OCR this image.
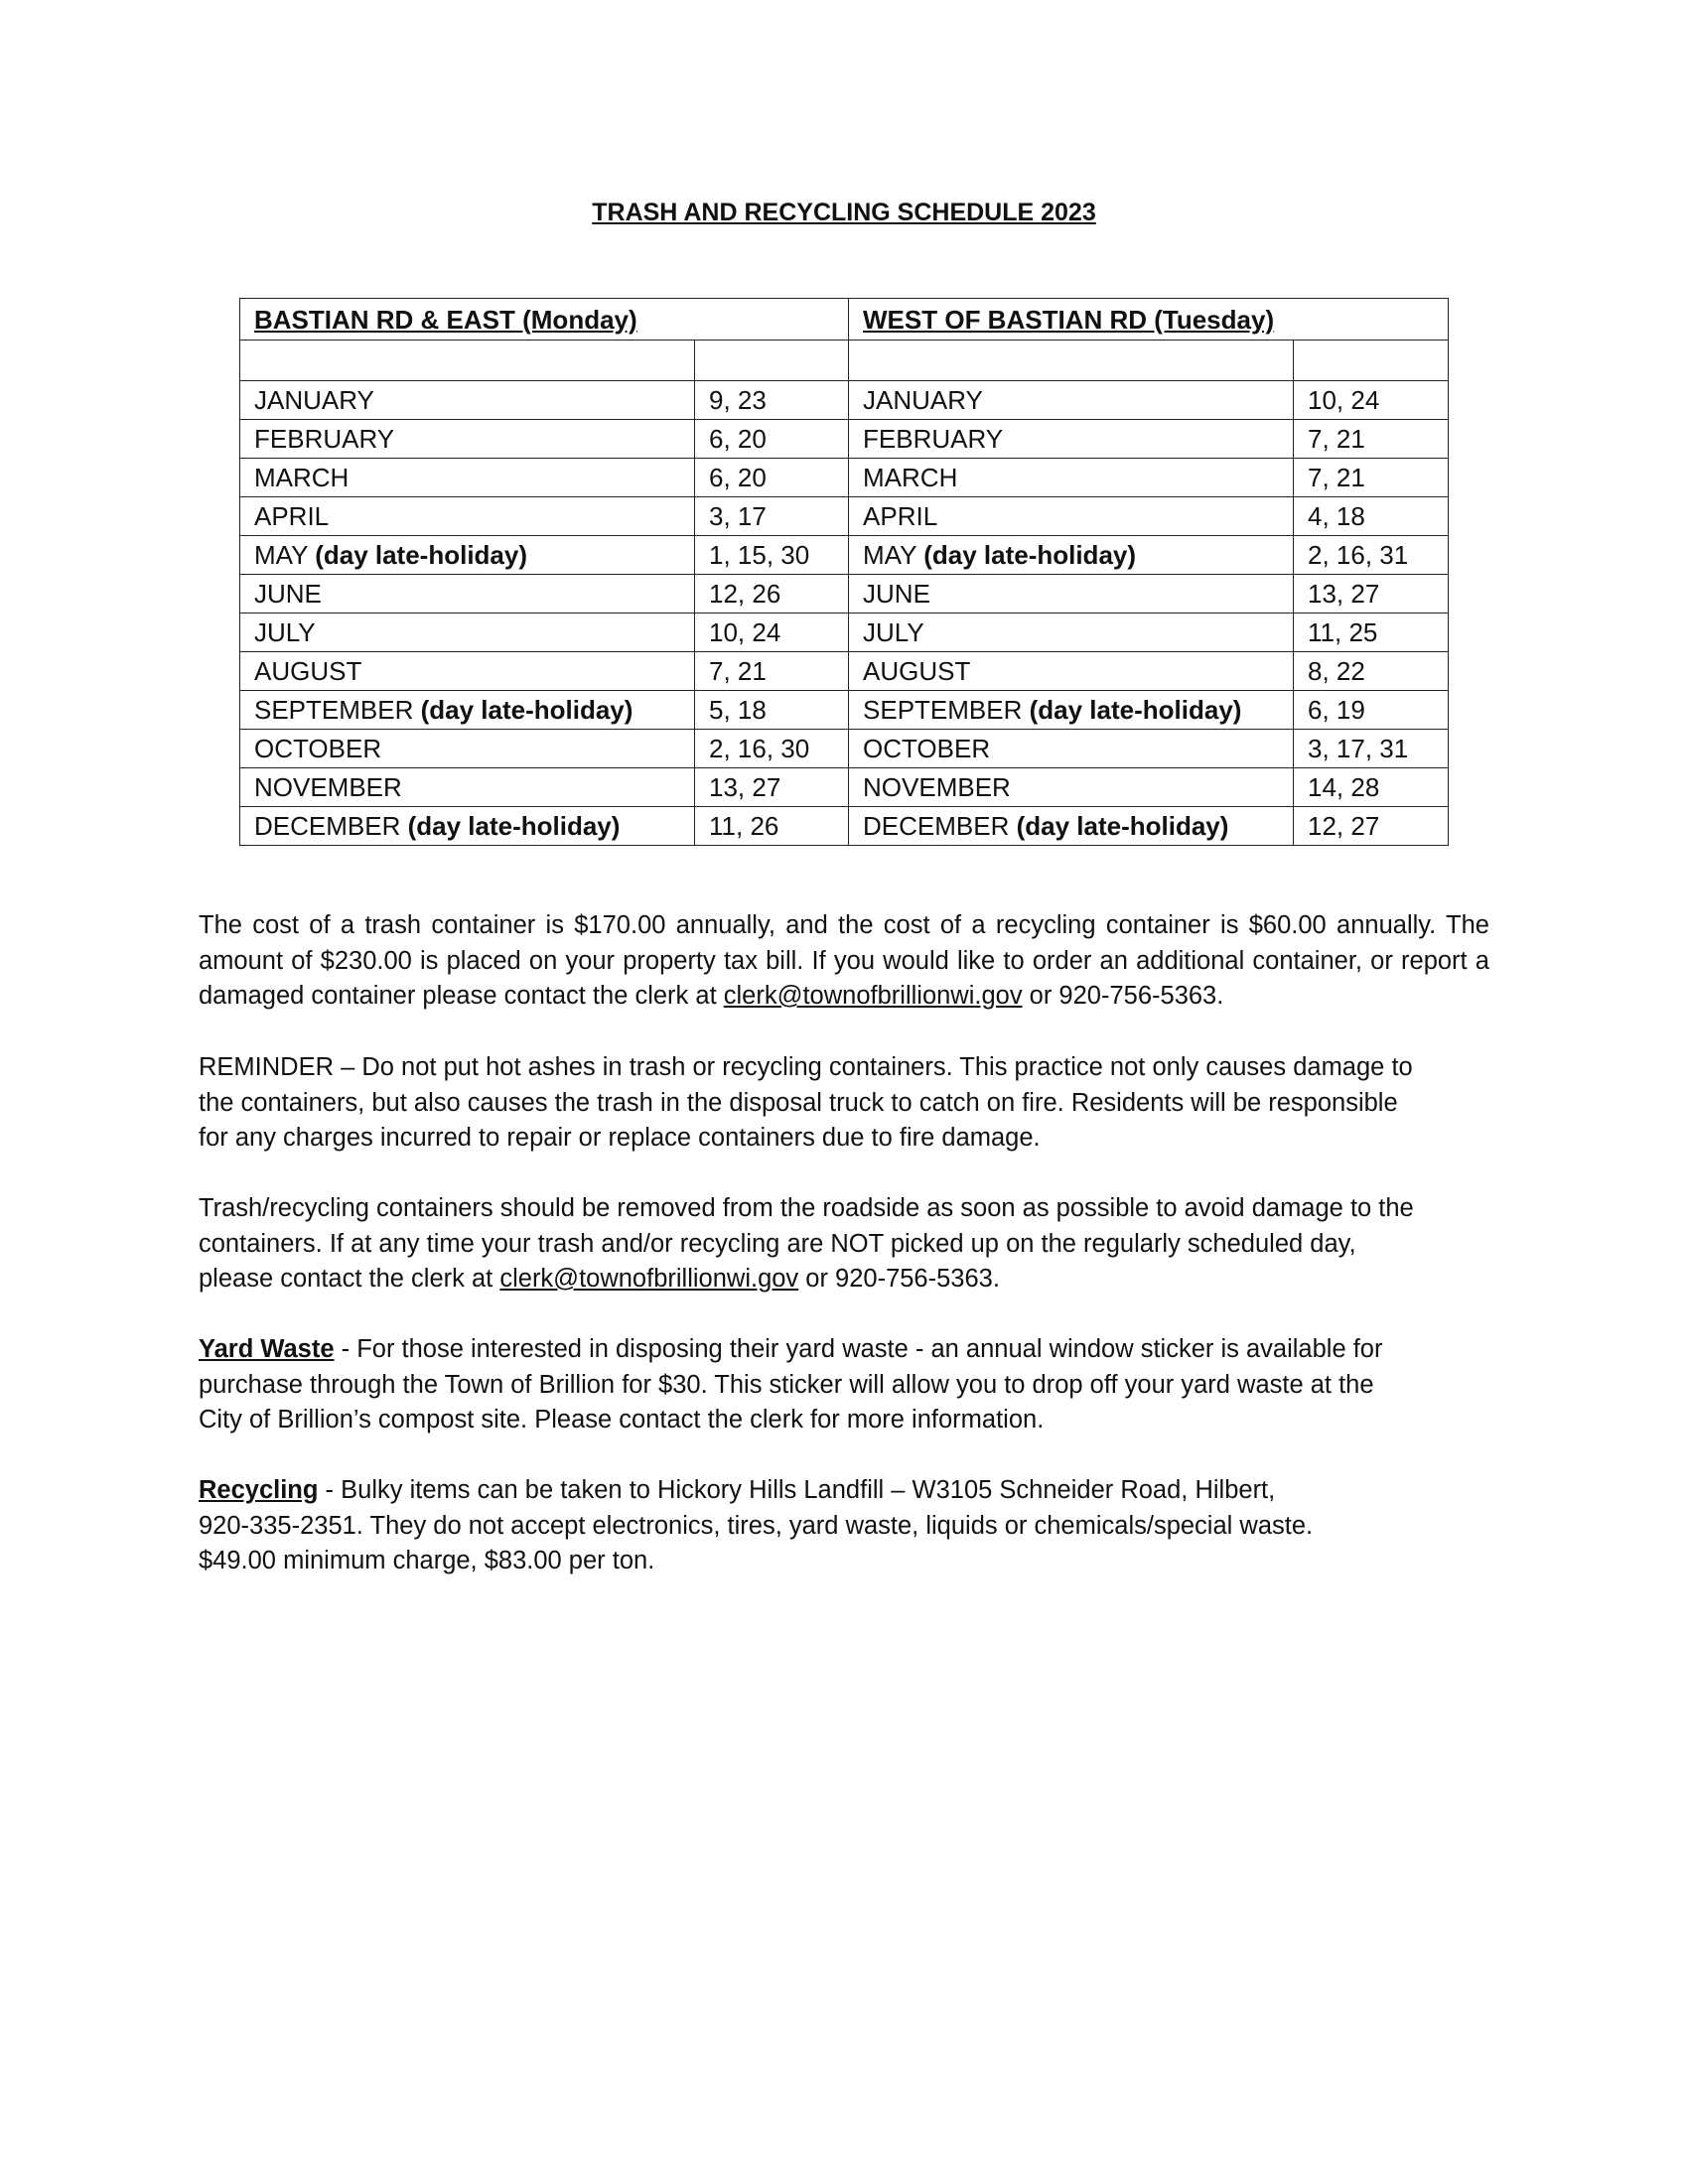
TRASH AND RECYCLING SCHEDULE 2023
BASTIAN RD & EAST (Monday)		WEST OF BASTIAN RD (Tuesday)	

JANUARY	9, 23	JANUARY	10, 24
FEBRUARY	6, 20	FEBRUARY	7, 21
MARCH	6, 20	MARCH	7, 21
APRIL	3, 17	APRIL	4, 18
MAY (day late-holiday)	1, 15, 30	MAY (day late-holiday)	2, 16, 31
JUNE	12, 26	JUNE	13, 27
JULY	10, 24	JULY	11, 25
AUGUST	7, 21	AUGUST	8, 22
SEPTEMBER (day late-holiday)	5, 18	SEPTEMBER (day late-holiday)	6, 19
OCTOBER	2, 16, 30	OCTOBER	3, 17, 31
NOVEMBER	13, 27	NOVEMBER	14, 28
DECEMBER (day late-holiday)	11, 26	DECEMBER (day late-holiday)	12, 27
The cost of a trash container is $170.00 annually, and the cost of a recycling container is $60.00 annually. The amount of $230.00 is placed on your property tax bill. If you would like to order an additional container, or report a damaged container please contact the clerk at clerk@townofbrillionwi.gov or 920-756-5363.
REMINDER – Do not put hot ashes in trash or recycling containers. This practice not only causes damage to
the containers, but also causes the trash in the disposal truck to catch on fire. Residents will be responsible
for any charges incurred to repair or replace containers due to fire damage.
Trash/recycling containers should be removed from the roadside as soon as possible to avoid damage to the
containers. If at any time your trash and/or recycling are NOT picked up on the regularly scheduled day,
please contact the clerk at clerk@townofbrillionwi.gov or 920-756-5363.
Yard Waste - For those interested in disposing their yard waste - an annual window sticker is available for
purchase through the Town of Brillion for $30. This sticker will allow you to drop off your yard waste at the
City of Brillion’s compost site. Please contact the clerk for more information.
Recycling - Bulky items can be taken to Hickory Hills Landfill – W3105 Schneider Road, Hilbert,
920-335-2351. They do not accept electronics, tires, yard waste, liquids or chemicals/special waste.
$49.00 minimum charge, $83.00 per ton.
